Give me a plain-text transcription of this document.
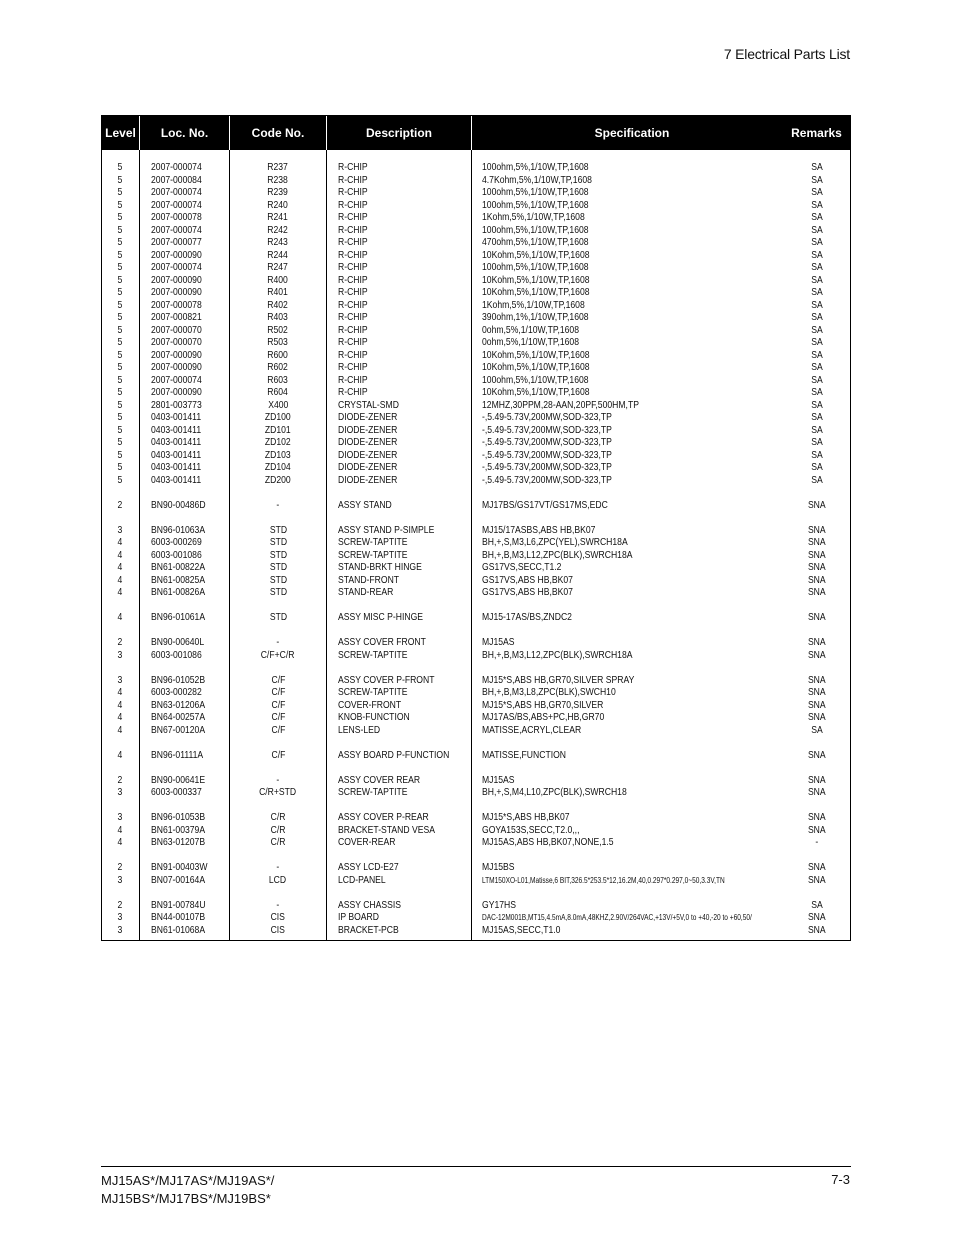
7 Electrical Parts List
Level	Loc. No.	Code No.	Description	Specification	Remarks
5	2007-000074	R237	R-CHIP	100ohm,5%,1/10W,TP,1608	SA
5	2007-000084	R238	R-CHIP	4.7Kohm,5%,1/10W,TP,1608	SA
5	2007-000074	R239	R-CHIP	100ohm,5%,1/10W,TP,1608	SA
5	2007-000074	R240	R-CHIP	100ohm,5%,1/10W,TP,1608	SA
5	2007-000078	R241	R-CHIP	1Kohm,5%,1/10W,TP,1608	SA
5	2007-000074	R242	R-CHIP	100ohm,5%,1/10W,TP,1608	SA
5	2007-000077	R243	R-CHIP	470ohm,5%,1/10W,TP,1608	SA
5	2007-000090	R244	R-CHIP	10Kohm,5%,1/10W,TP,1608	SA
5	2007-000074	R247	R-CHIP	100ohm,5%,1/10W,TP,1608	SA
5	2007-000090	R400	R-CHIP	10Kohm,5%,1/10W,TP,1608	SA
5	2007-000090	R401	R-CHIP	10Kohm,5%,1/10W,TP,1608	SA
5	2007-000078	R402	R-CHIP	1Kohm,5%,1/10W,TP,1608	SA
5	2007-000821	R403	R-CHIP	390ohm,1%,1/10W,TP,1608	SA
5	2007-000070	R502	R-CHIP	0ohm,5%,1/10W,TP,1608	SA
5	2007-000070	R503	R-CHIP	0ohm,5%,1/10W,TP,1608	SA
5	2007-000090	R600	R-CHIP	10Kohm,5%,1/10W,TP,1608	SA
5	2007-000090	R602	R-CHIP	10Kohm,5%,1/10W,TP,1608	SA
5	2007-000074	R603	R-CHIP	100ohm,5%,1/10W,TP,1608	SA
5	2007-000090	R604	R-CHIP	10Kohm,5%,1/10W,TP,1608	SA
5	2801-003773	X400	CRYSTAL-SMD	12MHZ,30PPM,28-AAN,20PF,500HM,TP	SA
5	0403-001411	ZD100	DIODE-ZENER	-,5.49-5.73V,200MW,SOD-323,TP	SA
5	0403-001411	ZD101	DIODE-ZENER	-,5.49-5.73V,200MW,SOD-323,TP	SA
5	0403-001411	ZD102	DIODE-ZENER	-,5.49-5.73V,200MW,SOD-323,TP	SA
5	0403-001411	ZD103	DIODE-ZENER	-,5.49-5.73V,200MW,SOD-323,TP	SA
5	0403-001411	ZD104	DIODE-ZENER	-,5.49-5.73V,200MW,SOD-323,TP	SA
5	0403-001411	ZD200	DIODE-ZENER	-,5.49-5.73V,200MW,SOD-323,TP	SA
2	BN90-00486D	-	ASSY STAND	MJ17BS/GS17VT/GS17MS,EDC	SNA
3	BN96-01063A	STD	ASSY STAND P-SIMPLE	MJ15/17ASBS,ABS HB,BK07	SNA
4	6003-000269	STD	SCREW-TAPTITE	BH,+,S,M3,L6,ZPC(YEL),SWRCH18A	SNA
4	6003-001086	STD	SCREW-TAPTITE	BH,+,B,M3,L12,ZPC(BLK),SWRCH18A	SNA
4	BN61-00822A	STD	STAND-BRKT HINGE	GS17VS,SECC,T1.2	SNA
4	BN61-00825A	STD	STAND-FRONT	GS17VS,ABS HB,BK07	SNA
4	BN61-00826A	STD	STAND-REAR	GS17VS,ABS HB,BK07	SNA
4	BN96-01061A	STD	ASSY MISC P-HINGE	MJ15-17AS/BS,ZNDC2	SNA
2	BN90-00640L	-	ASSY COVER FRONT	MJ15AS	SNA
3	6003-001086	C/F+C/R	SCREW-TAPTITE	BH,+,B,M3,L12,ZPC(BLK),SWRCH18A	SNA
3	BN96-01052B	C/F	ASSY COVER P-FRONT	MJ15*S,ABS HB,GR70,SILVER SPRAY	SNA
4	6003-000282	C/F	SCREW-TAPTITE	BH,+,B,M3,L8,ZPC(BLK),SWCH10	SNA
4	BN63-01206A	C/F	COVER-FRONT	MJ15*S,ABS HB,GR70,SILVER	SNA
4	BN64-00257A	C/F	KNOB-FUNCTION	MJ17AS/BS,ABS+PC,HB,GR70	SNA
4	BN67-00120A	C/F	LENS-LED	MATISSE,ACRYL,CLEAR	SA
4	BN96-01111A	C/F	ASSY BOARD P-FUNCTION	MATISSE,FUNCTION	SNA
2	BN90-00641E	-	ASSY COVER REAR	MJ15AS	SNA
3	6003-000337	C/R+STD	SCREW-TAPTITE	BH,+,S,M4,L10,ZPC(BLK),SWRCH18	SNA
3	BN96-01053B	C/R	ASSY COVER P-REAR	MJ15*S,ABS HB,BK07	SNA
4	BN61-00379A	C/R	BRACKET-STAND VESA	GOYA153S,SECC,T2.0,,,	SNA
4	BN63-01207B	C/R	COVER-REAR	MJ15AS,ABS HB,BK07,NONE,1.5	-
2	BN91-00403W	-	ASSY LCD-E27	MJ15BS	SNA
3	BN07-00164A	LCD	LCD-PANEL	LTM150XO-L01,Matisse,6 BIT,326.5*253.5*12,16.2M,40,0.297*0.297,0~50,3.3V,TN	SNA
2	BN91-00784U	-	ASSY CHASSIS	GY17HS	SA
3	BN44-00107B	CIS	IP BOARD	DAC-12M001B,MT15,4.5mA,8.0mA,48KHZ,2.90V/264VAC,+13V/+5V,0 to +40,-20 to +60,50/	SNA
3	BN61-01068A	CIS	BRACKET-PCB	MJ15AS,SECC,T1.0	SNA
MJ15AS*/MJ17AS*/MJ19AS*/
MJ15BS*/MJ17BS*/MJ19BS*
7-3
